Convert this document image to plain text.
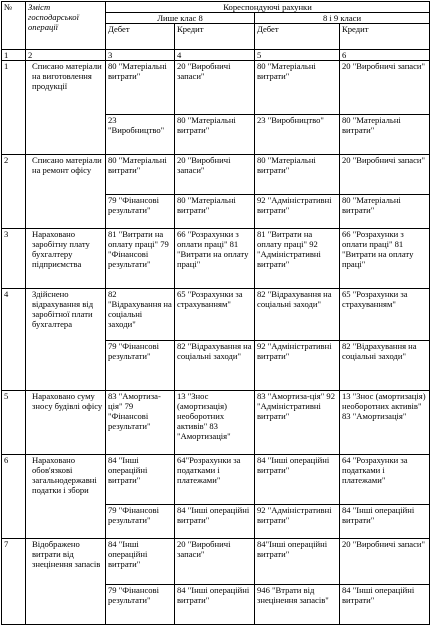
№	Зміст господарської операції	Кореспондуючі рахунки			
		Лише клас 8		8 і 9 класи	
		Дебет	Кредит	Дебет	Кредит
1	2	3	4	5	6
1	Списано матеріали на виготовлення продукції	80 "Матеріальні витрати"	20 "Виробничі запаси"	80 "Матеріальні витрати"	20 "Виробничі запаси"
		23 "Виробництво"	80 "Матеріальні витрати"	23 "Виробництво"	80 "Матеріальні витрати"
2	Списано матеріали на ремонт офісу	80 "Матеріальні витрати"	20 "Виробничі запаси"	80 "Матеріальні витрати"	20 "Виробничі запаси"
		79 "Фінансові результати"	80 "Матеріальні витрати"	92 "Адміністративні витрати"	80 "Матеріальні витрати"
3	Нараховано заробітну плату бухгалтеру підприємства	81 "Витрати на оплату праці" 79 "Фінансові результати"	66 "Розрахунки з оплати праці" 81 "Витрати на оплату праці"	81 "Витрати на оплату праці" 92 "Адміністративні витрати"	66 "Розрахунки з оплати праці" 81 "Витрати на оплату праці"
4	Здійснено відрахування від заробітної плати бухгалтера	82 "Відрахування на соціальні заходи"	65 "Розрахунки за страхуванням"	82 "Відрахування на соціальні заходи"	65 "Розрахунки за страхуванням"
		79 "Фінансові результати"	82 "Відрахування на соціальні заходи"	92 "Адміністративні витрати"	82 "Відрахування на соціальні заходи"
5	Нараховано суму зносу будівлі офісу	83 "Амортиза-ція" 79 "Фінансові результати"	13 "Знос (амортизація) необоротних активів" 83 "Амортизація"	83 "Амортиза-ція" 92 "Адміністративні витрати"	13 "Знос (амортизація) необоротних активів" 83 "Амортизація"
6	Нараховано обов'язкові загальнодержавні податки і збори	84 "Інші операційні витрати"	64"Розрахунки за податками і платежами"	84 "Інші операційні витрати"	64 "Розрахунки за податками і платежами"
		79 "Фінансові результати"	84 "Інші операційні витрати"	92 "Адміністративні витрати"	84 "Інші операційні витрати"
7	Відображено витрати від знецінення запасів	84 "Інші операційні витрати"	20 "Виробничі запаси"	84"Інші операційні витрати"	20 "Виробничі запаси"
		79 "Фінансові результати"	84 "Інші операційні витрати"	946 "Втрати від знецінення запасів"	84 "Інші операційні витрати"
